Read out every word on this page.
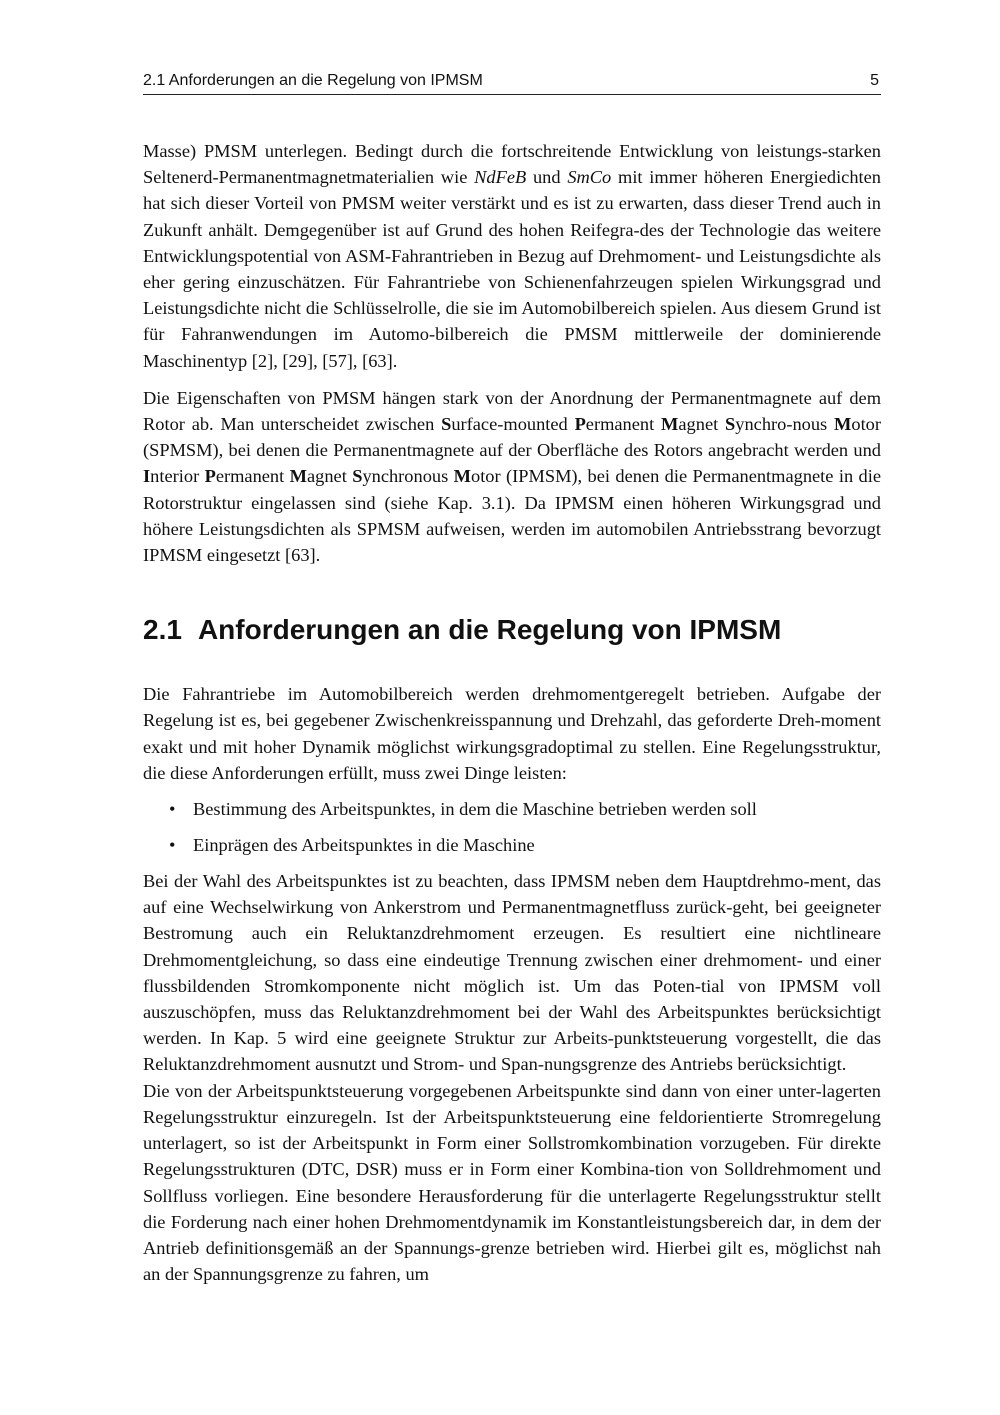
2.1 Anforderungen an die Regelung von IPMSM	5

Masse) PMSM unterlegen. Bedingt durch die fortschreitende Entwicklung von leistungs-starken Seltenerd-Permanentmagnetmaterialien wie NdFeB und SmCo mit immer höheren Energiedichten hat sich dieser Vorteil von PMSM weiter verstärkt und es ist zu erwarten, dass dieser Trend auch in Zukunft anhält. Demgegenüber ist auf Grund des hohen Reifegra-des der Technologie das weitere Entwicklungspotential von ASM-Fahrantrieben in Bezug auf Drehmoment- und Leistungsdichte als eher gering einzuschätzen. Für Fahrantriebe von Schienenfahrzeugen spielen Wirkungsgrad und Leistungsdichte nicht die Schlüsselrolle, die sie im Automobilbereich spielen. Aus diesem Grund ist für Fahranwendungen im Automo-bilbereich die PMSM mittlerweile der dominierende Maschinentyp [2], [29], [57], [63].

Die Eigenschaften von PMSM hängen stark von der Anordnung der Permanentmagnete auf dem Rotor ab. Man unterscheidet zwischen Surface-mounted Permanent Magnet Synchro-nous Motor (SPMSM), bei denen die Permanentmagnete auf der Oberfläche des Rotors angebracht werden und Interior Permanent Magnet Synchronous Motor (IPMSM), bei denen die Permanentmagnete in die Rotorstruktur eingelassen sind (siehe Kap. 3.1). Da IPMSM einen höheren Wirkungsgrad und höhere Leistungsdichten als SPMSM aufweisen, werden im automobilen Antriebsstrang bevorzugt IPMSM eingesetzt [63].

2.1 Anforderungen an die Regelung von IPMSM

Die Fahrantriebe im Automobilbereich werden drehmomentgeregelt betrieben. Aufgabe der Regelung ist es, bei gegebener Zwischenkreisspannung und Drehzahl, das geforderte Dreh-moment exakt und mit hoher Dynamik möglichst wirkungsgradoptimal zu stellen. Eine Regelungsstruktur, die diese Anforderungen erfüllt, muss zwei Dinge leisten:

• Bestimmung des Arbeitspunktes, in dem die Maschine betrieben werden soll
• Einprägen des Arbeitspunktes in die Maschine

Bei der Wahl des Arbeitspunktes ist zu beachten, dass IPMSM neben dem Hauptdrehmo-ment, das auf eine Wechselwirkung von Ankerstrom und Permanentmagnetfluss zurück-geht, bei geeigneter Bestromung auch ein Reluktanzdrehmoment erzeugen. Es resultiert eine nichtlineare Drehmomentgleichung, so dass eine eindeutige Trennung zwischen einer drehmoment- und einer flussbildenden Stromkomponente nicht möglich ist. Um das Poten-tial von IPMSM voll auszuschöpfen, muss das Reluktanzdrehmoment bei der Wahl des Arbeitspunktes berücksichtigt werden. In Kap. 5 wird eine geeignete Struktur zur Arbeits-punktsteuerung vorgestellt, die das Reluktanzdrehmoment ausnutzt und Strom- und Span-nungsgrenze des Antriebs berücksichtigt.

Die von der Arbeitspunktsteuerung vorgegebenen Arbeitspunkte sind dann von einer unter-lagerten Regelungsstruktur einzuregeln. Ist der Arbeitspunktsteuerung eine feldorientierte Stromregelung unterlagert, so ist der Arbeitspunkt in Form einer Sollstromkombination vorzugeben. Für direkte Regelungsstrukturen (DTC, DSR) muss er in Form einer Kombina-tion von Solldrehmoment und Sollfluss vorliegen. Eine besondere Herausforderung für die unterlagerte Regelungsstruktur stellt die Forderung nach einer hohen Drehmomentdynamik im Konstantleistungsbereich dar, in dem der Antrieb definitionsgemäß an der Spannungs-grenze betrieben wird. Hierbei gilt es, möglichst nah an der Spannungsgrenze zu fahren, um
